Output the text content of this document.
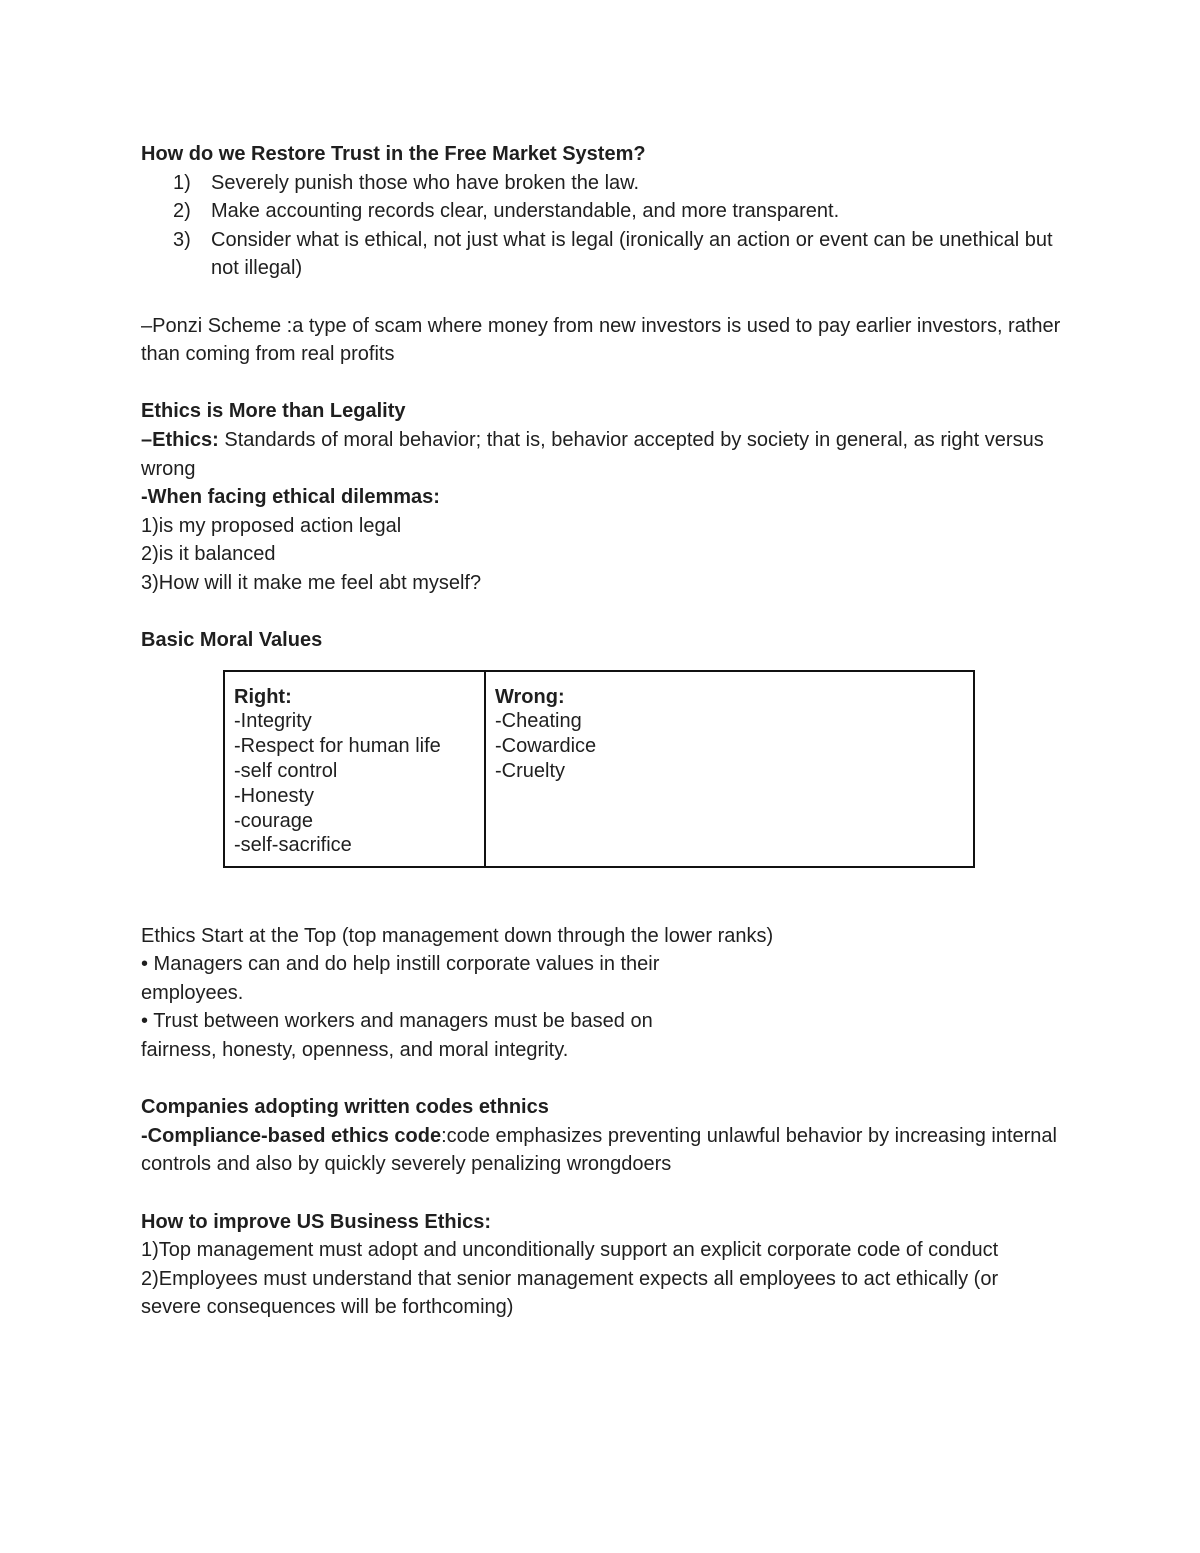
How do we Restore Trust in the Free Market System?

1)	Severely punish those who have broken the law.
2)	Make accounting records clear, understandable, and more transparent.
3)	Consider what is ethical, not just what is legal (ironically an action or event can be unethical but not illegal)

–Ponzi Scheme :a type of scam where money from new investors is used to pay earlier investors, rather than coming from real profits

Ethics is More than Legality

–Ethics: Standards of moral behavior; that is, behavior accepted by society in general, as right versus wrong

-When facing ethical dilemmas:

1)is my proposed action legal

2)is it balanced

3)How will it make me feel abt myself?

Basic Moral Values

Right:
-Integrity
-Respect for human life
-self control
-Honesty
-courage
-self-sacrifice
Wrong:
-Cheating
-Cowardice
-Cruelty

Ethics Start at the Top (top management down through the lower ranks)

• Managers can and do help instill corporate values in their

employees.

• Trust between workers and managers must be based on

fairness, honesty, openness, and moral integrity.

Companies adopting written codes ethnics

-Compliance-based ethics code:code emphasizes preventing unlawful behavior by increasing internal controls and also by quickly severely penalizing wrongdoers

How to improve US Business Ethics:

1)Top management must adopt and unconditionally support an explicit corporate code of conduct

2)Employees must understand that senior management expects all employees to act ethically (or severe consequences will be forthcoming)
